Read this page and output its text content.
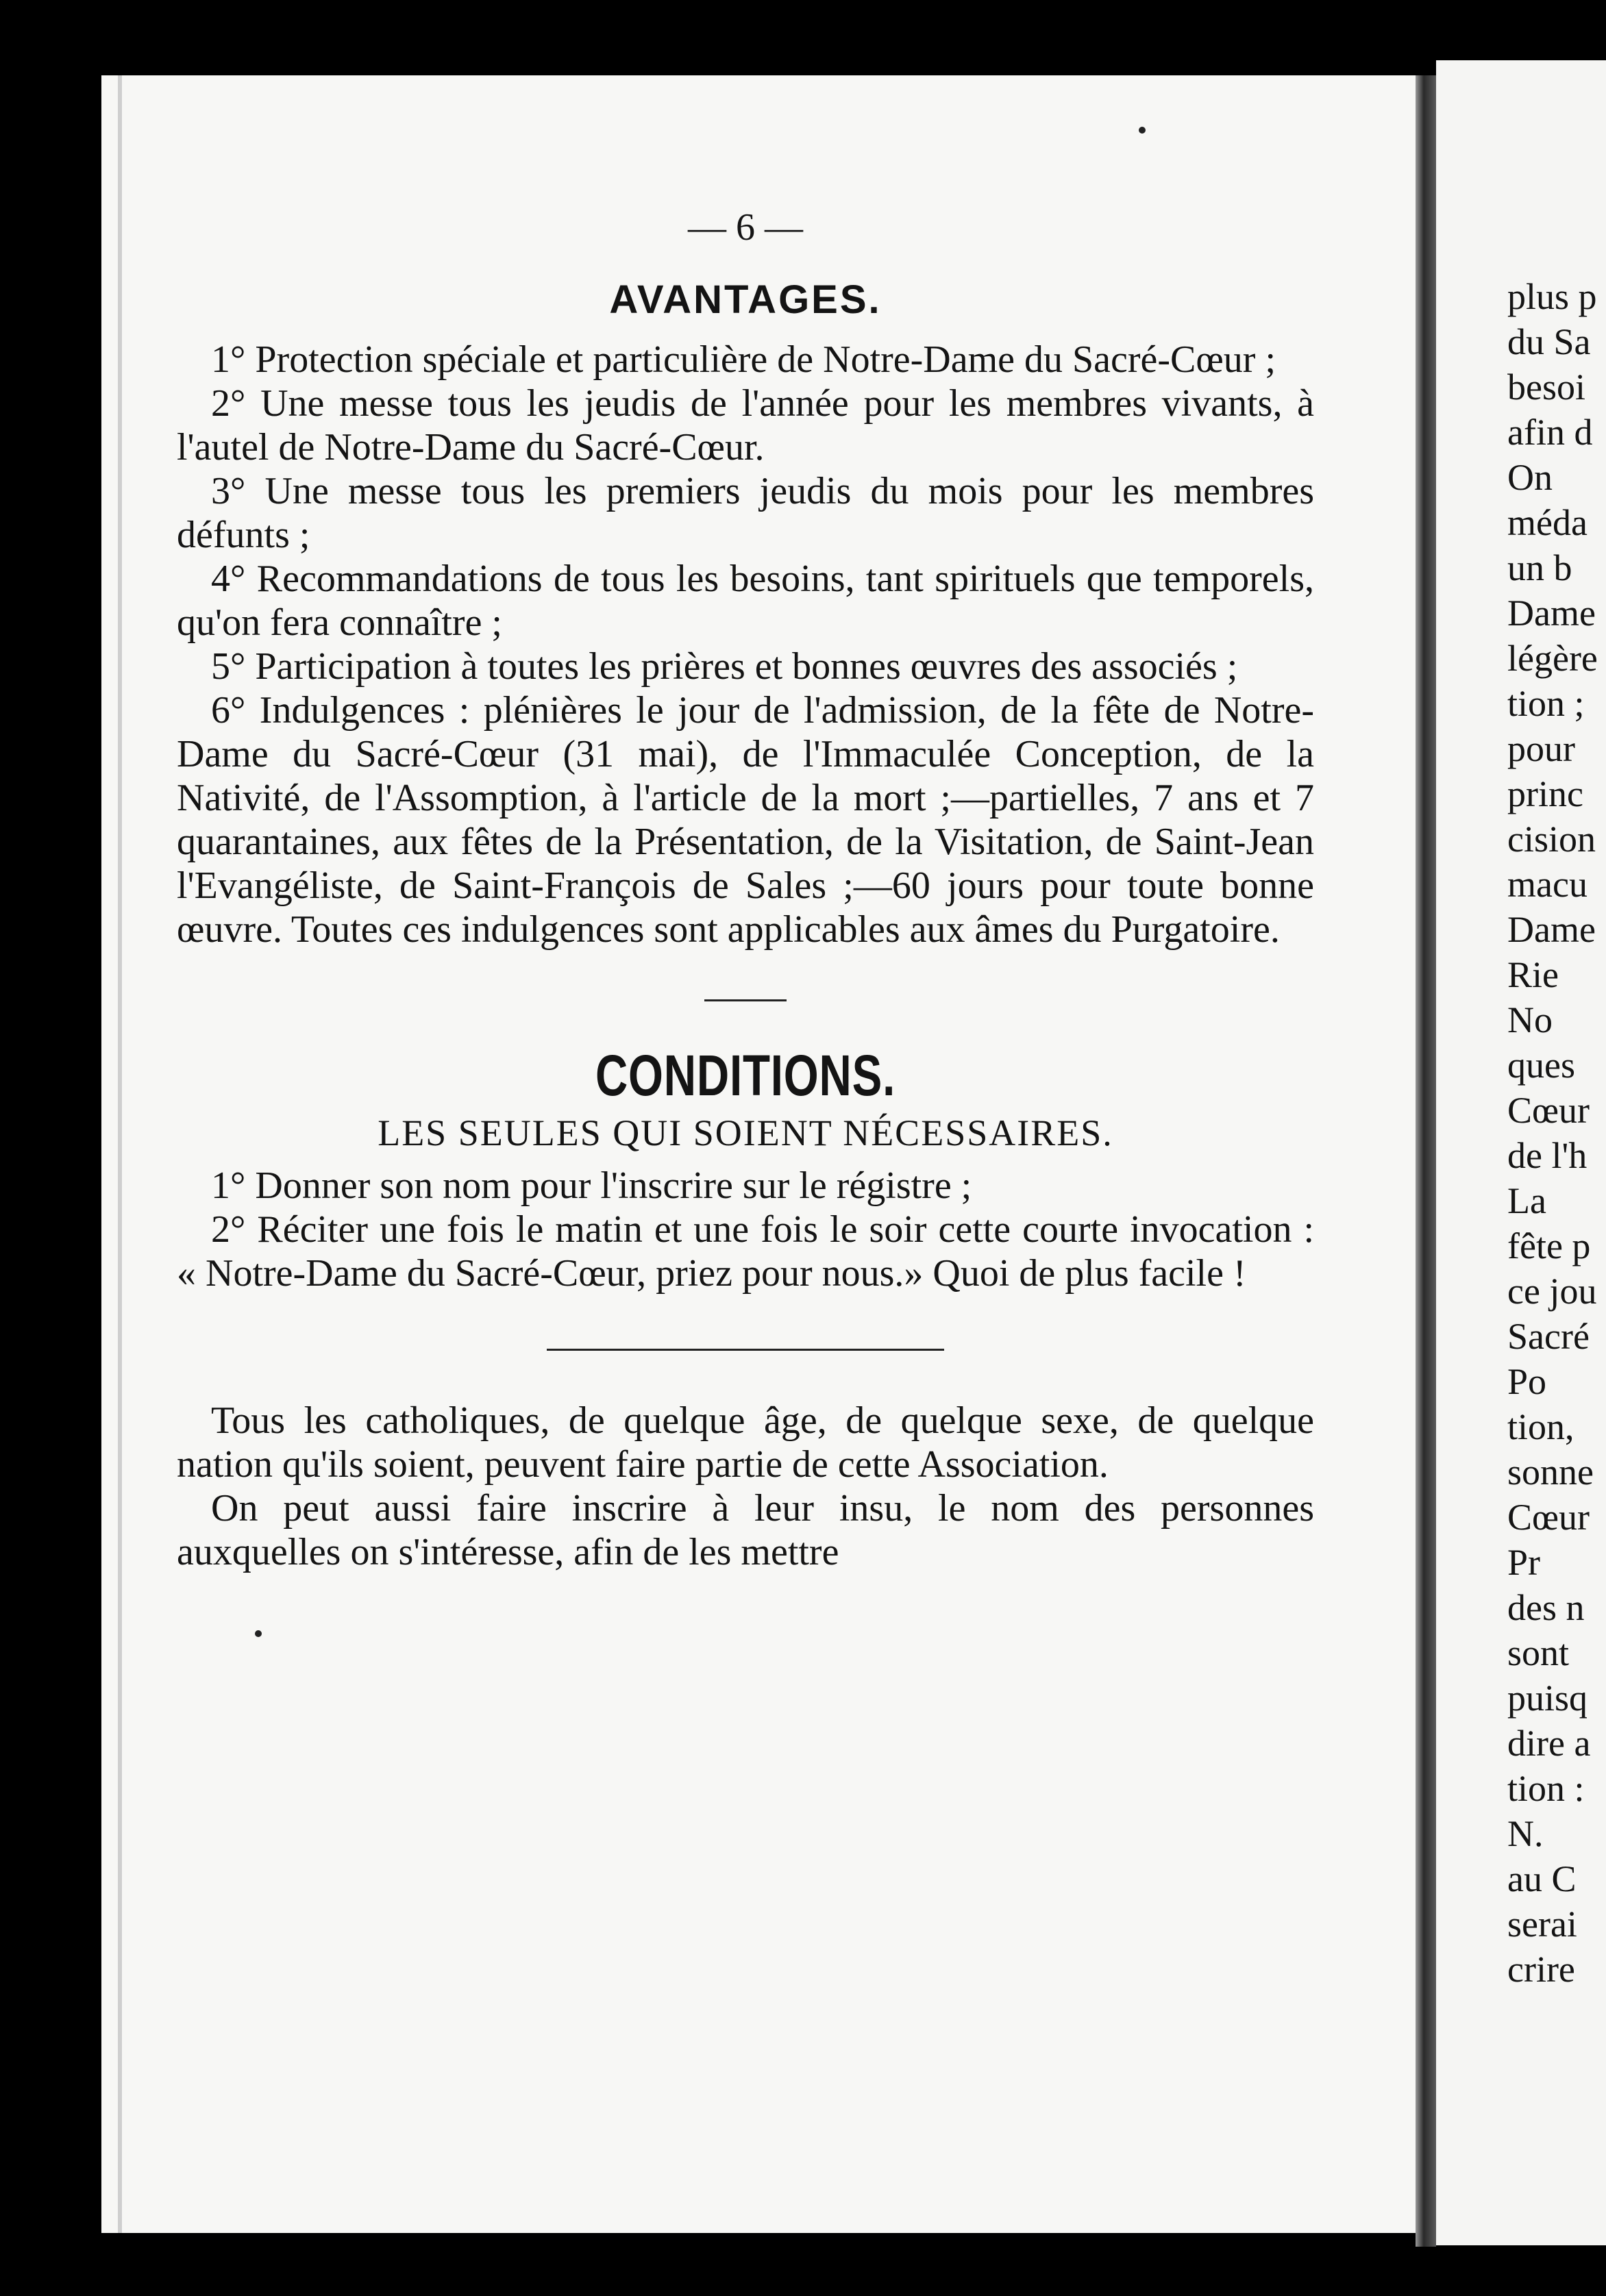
— 6 —

AVANTAGES.

1° Protection spéciale et particulière de Notre-Dame du Sacré-Cœur ;

2° Une messe tous les jeudis de l'année pour les membres vivants, à l'autel de Notre-Dame du Sacré-Cœur.

3° Une messe tous les premiers jeudis du mois pour les membres défunts ;

4° Recommandations de tous les besoins, tant spirituels que temporels, qu'on fera connaître ;

5° Participation à toutes les prières et bonnes œuvres des associés ;

6° Indulgences : plénières le jour de l'admission, de la fête de Notre-Dame du Sacré-Cœur (31 mai), de l'Immaculée Conception, de la Nativité, de l'Assomption, à l'article de la mort ;—partielles, 7 ans et 7 quarantaines, aux fêtes de la Présentation, de la Visitation, de Saint-Jean l'Evangéliste, de Saint-François de Sales ;—60 jours pour toute bonne œuvre. Toutes ces indulgences sont applicables aux âmes du Purgatoire.

CONDITIONS.

LES SEULES QUI SOIENT NÉCESSAIRES.

1° Donner son nom pour l'inscrire sur le régistre ;

2° Réciter une fois le matin et une fois le soir cette courte invocation : « Notre-Dame du Sacré-Cœur, priez pour nous.» Quoi de plus facile !

Tous les catholiques, de quelque âge, de quelque sexe, de quelque nation qu'ils soient, peuvent faire partie de cette Association.

On peut aussi faire inscrire à leur insu, le nom des personnes auxquelles on s'intéresse, afin de les mettre

plus p
du Sa
besoi
afin d
On
méda
un b
Dame
légère
tion ;
pour
princ
cision
macu
Dame
Rie
No
ques
Cœur
de l'h
La
fête p
ce jou
Sacré
Po
tion,
sonne
Cœur
Pr
des n
sont
puisq
dire a
tion :
N.
au C
serai
crire
